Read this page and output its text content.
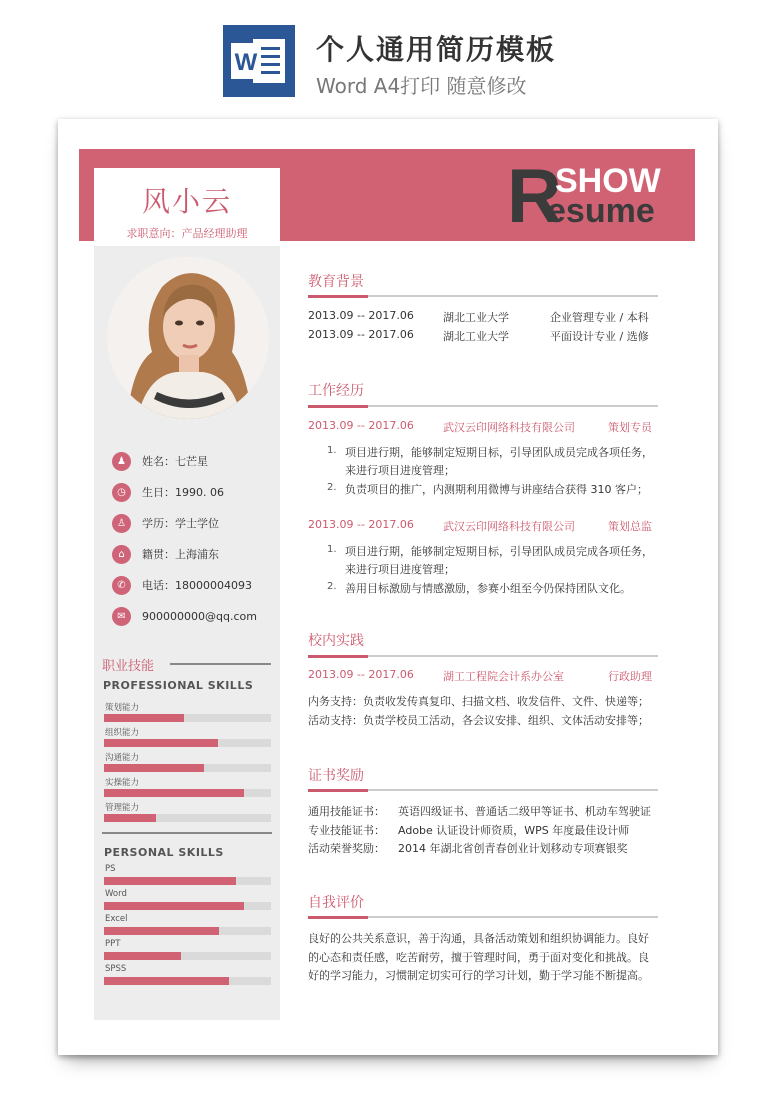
W 个人通用简历模板
Word A4打印 随意修改
风小云
求职意向：产品经理助理	R
SHOW
esume
♟	姓名：七芒星
◷	生日：1990. 06
♙	学历：学士学位
⌂	籍贯：上海浦东
✆	电话：18000004093
✉	900000000@qq.com
职业技能
PROFESSIONAL SKILLS
策划能力
组织能力
沟通能力
实操能力
管理能力
PERSONAL SKILLS
PS
Word
Excel
PPT
SPSS
教育背景
2013.09 -- 2017.06	湖北工业大学	企业管理专业 / 本科
2013.09 -- 2017.06	湖北工业大学	平面设计专业 / 选修
工作经历
2013.09 -- 2017.06	武汉云印网络科技有限公司	策划专员
1. 项目进行期，能够制定短期目标，引导团队成员完成各项任务，
来进行项目进度管理；
2. 负责项目的推广，内测期利用微博与讲座结合获得 310 客户；
2013.09 -- 2017.06	武汉云印网络科技有限公司	策划总监
1. 项目进行期，能够制定短期目标，引导团队成员完成各项任务，
来进行项目进度管理；
2. 善用目标激励与情感激励，参赛小组至今仍保持团队文化。
校内实践
2013.09 -- 2017.06	湖工工程院会计系办公室	行政助理
内务支持：负责收发传真复印、扫描文档、收发信件、文件、快递等；
活动支持：负责学校员工活动，各会议安排、组织、文体活动安排等；
证书奖励
通用技能证书： 英语四级证书、普通话二级甲等证书、机动车驾驶证
专业技能证书： Adobe 认证设计师资质，WPS 年度最佳设计师
活动荣誉奖励： 2014 年湖北省创青春创业计划移动专项赛银奖
自我评价
良好的公共关系意识，善于沟通，具备活动策划和组织协调能力。良好
的心态和责任感，吃苦耐劳，擅于管理时间，勇于面对变化和挑战。良
好的学习能力，习惯制定切实可行的学习计划，勤于学习能不断提高。
